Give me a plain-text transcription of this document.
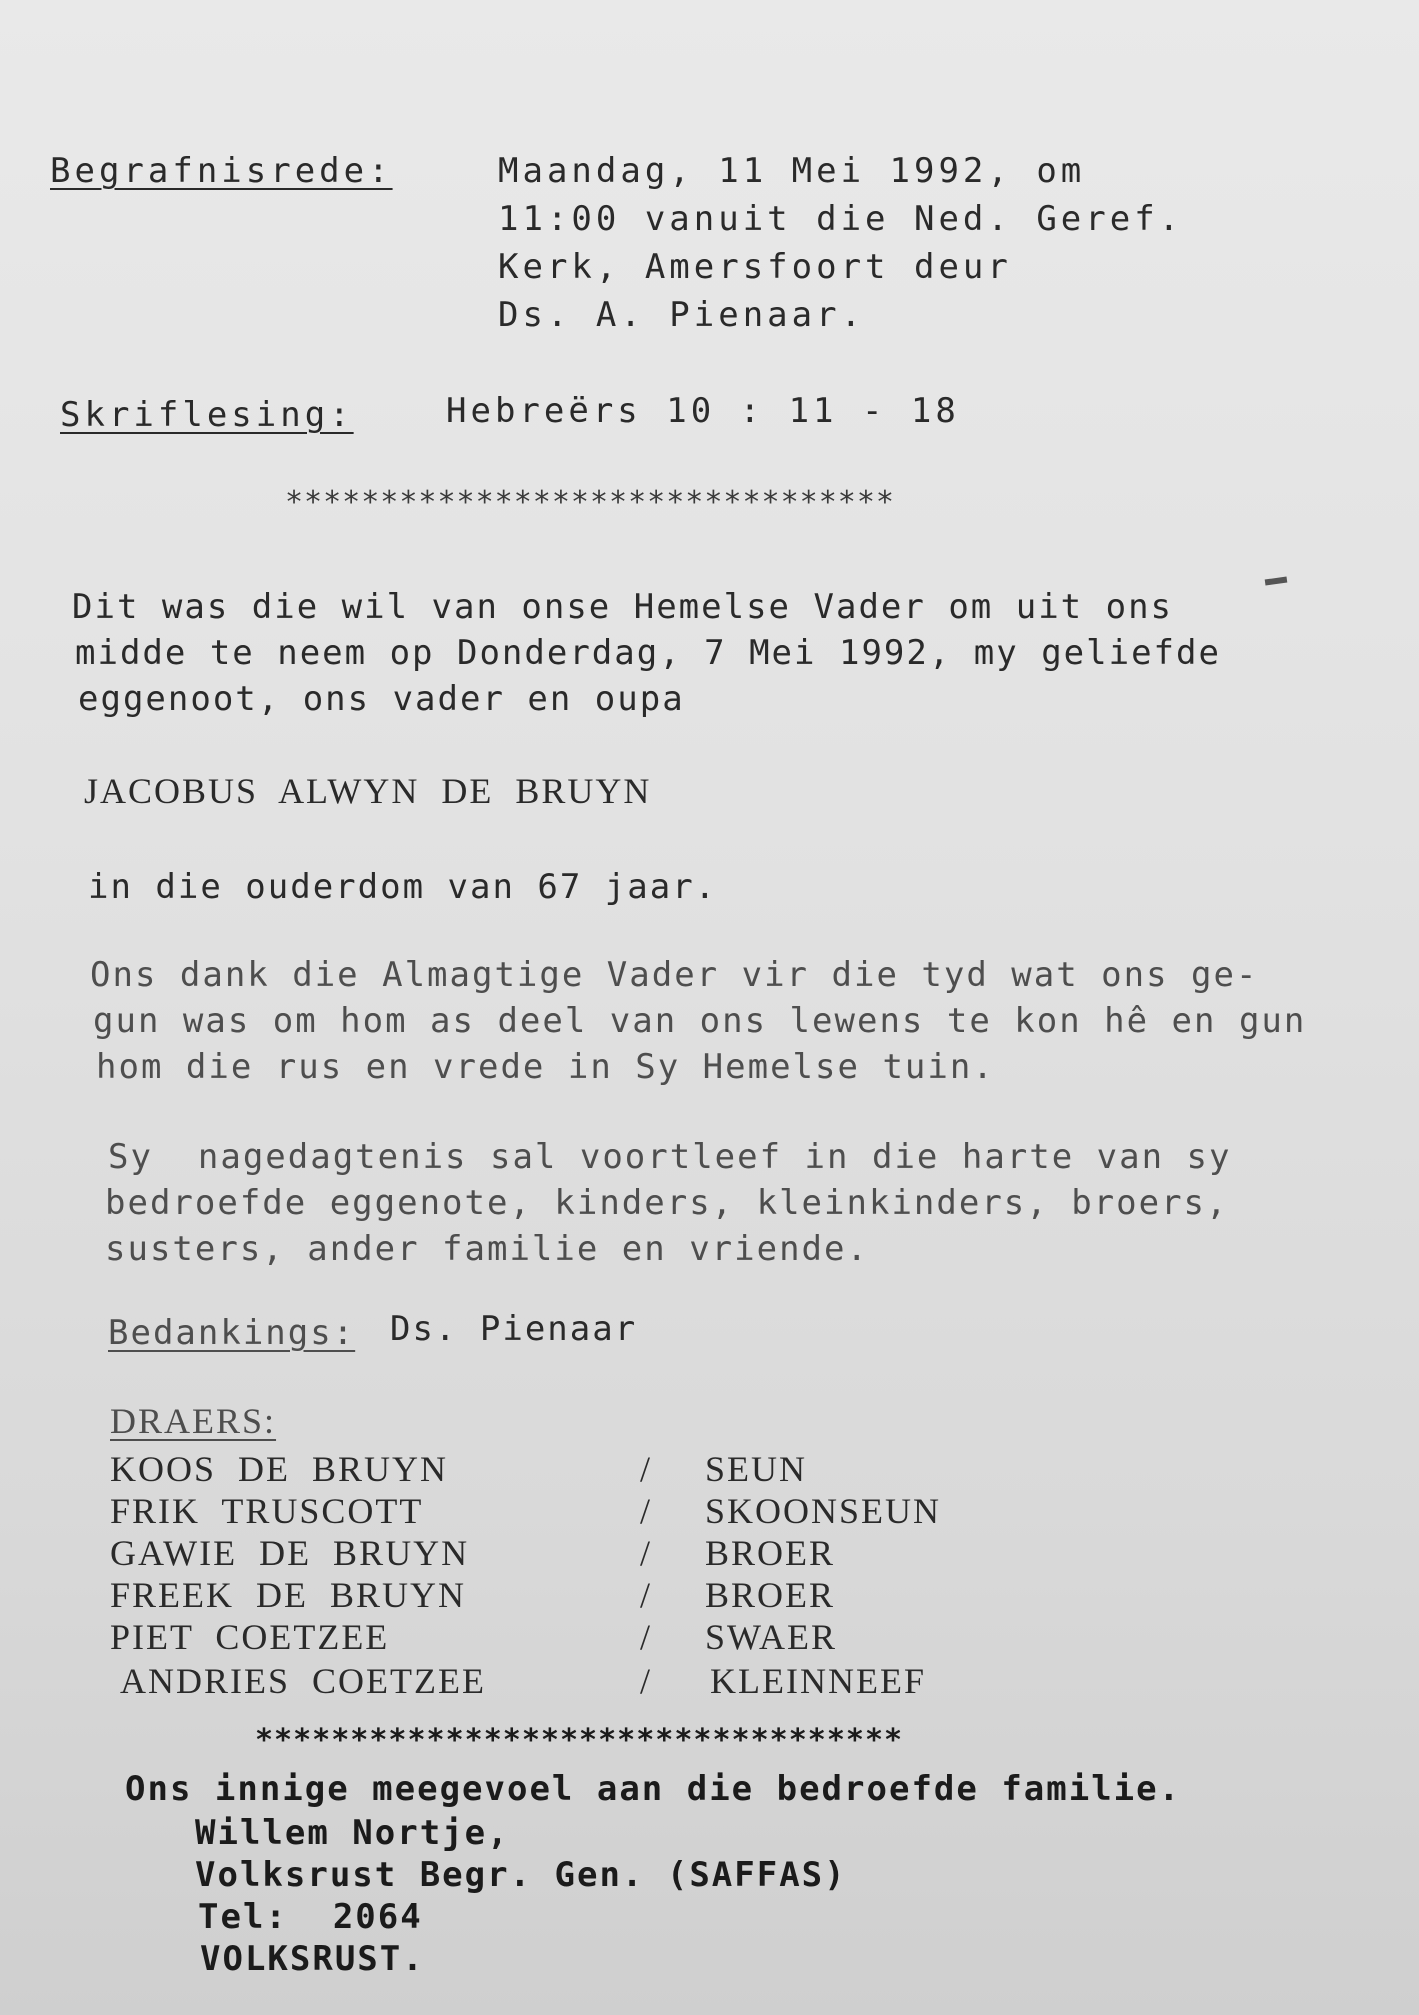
Begrafnisrede:	Maandag, 11 Mei 1992, om
11:00 vanuit die Ned. Geref.
Kerk, Amersfoort deur
Ds. A. Pienaar.
Skriflesing:	Hebreërs 10 : 11 - 18
********************************
Dit was die wil van onse Hemelse Vader om uit ons
midde te neem op Donderdag, 7 Mei 1992, my geliefde
eggenoot, ons vader en oupa
JACOBUS  ALWYN  DE  BRUYN
in die ouderdom van 67 jaar.
Ons dank die Almagtige Vader vir die tyd wat ons ge-
gun was om hom as deel van ons lewens te kon hê en gun
hom die rus en vrede in Sy Hemelse tuin.
Sy  nagedagtenis sal voortleef in die harte van sy
bedroefde eggenote, kinders, kleinkinders, broers,
susters, ander familie en vriende.
Bedankings: Ds. Pienaar
DRAERS:
KOOS  DE  BRUYN	/ SEUN
FRIK  TRUSCOTT	/ SKOONSEUN
GAWIE  DE  BRUYN	/ BROER
FREEK  DE  BRUYN	/ BROER
PIET  COETZEE	/ SWAER
ANDRIES  COETZEE	/ KLEINNEEF
**********************************
Ons innige meegevoel aan die bedroefde familie.
Willem Nortje,
Volksrust Begr. Gen. (SAFFAS)
Tel:  2064
VOLKSRUST.
